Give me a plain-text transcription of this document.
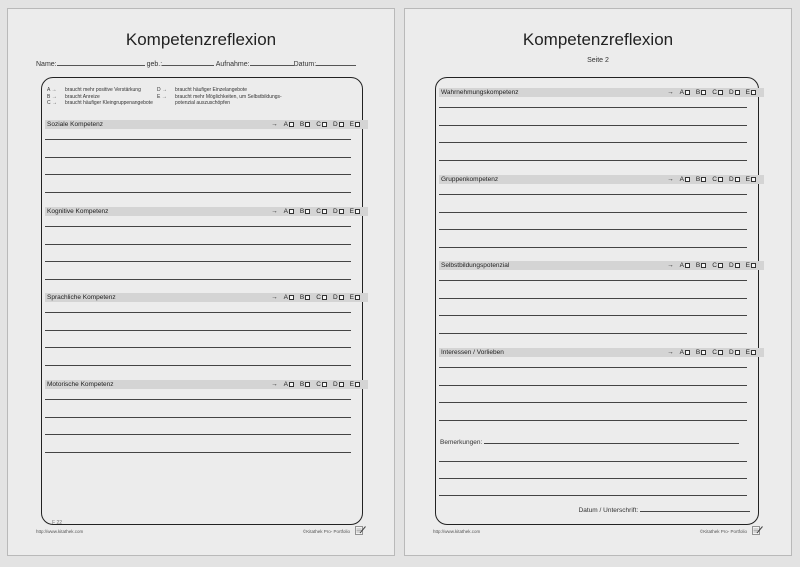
Kompetenzreflexion
Name:	geb.:	Aufnahme:	Datum:
A → braucht mehr positive Verstärkung	D → braucht häufiger Einzelangebote
B → braucht Anreize	E → braucht mehr Möglichkeiten, um Selbstbildungs-
C → braucht häufiger Kleingruppenangebote	potenzial auszuschöpfen
Soziale Kompetenz	→ A B C D E
Kognitive Kompetenz	→ A B C D E
Sprachliche Kompetenz	→ A B C D E
Motorische Kompetenz	→ A B C D E
F 22
http://www.kitathek.com	©Kitathek Pro- Portfolio
Kompetenzreflexion
Seite 2
Wahrnehmungskompetenz	→ A B C D E
Gruppenkompetenz	→ A B C D E
Selbstbildungspotenzial	→ A B C D E
Interessen / Vorlieben	→ A B C D E
Bemerkungen:
Datum / Unterschrift:
http://www.kitathek.com	©Kitathek Pro- Portfolio
